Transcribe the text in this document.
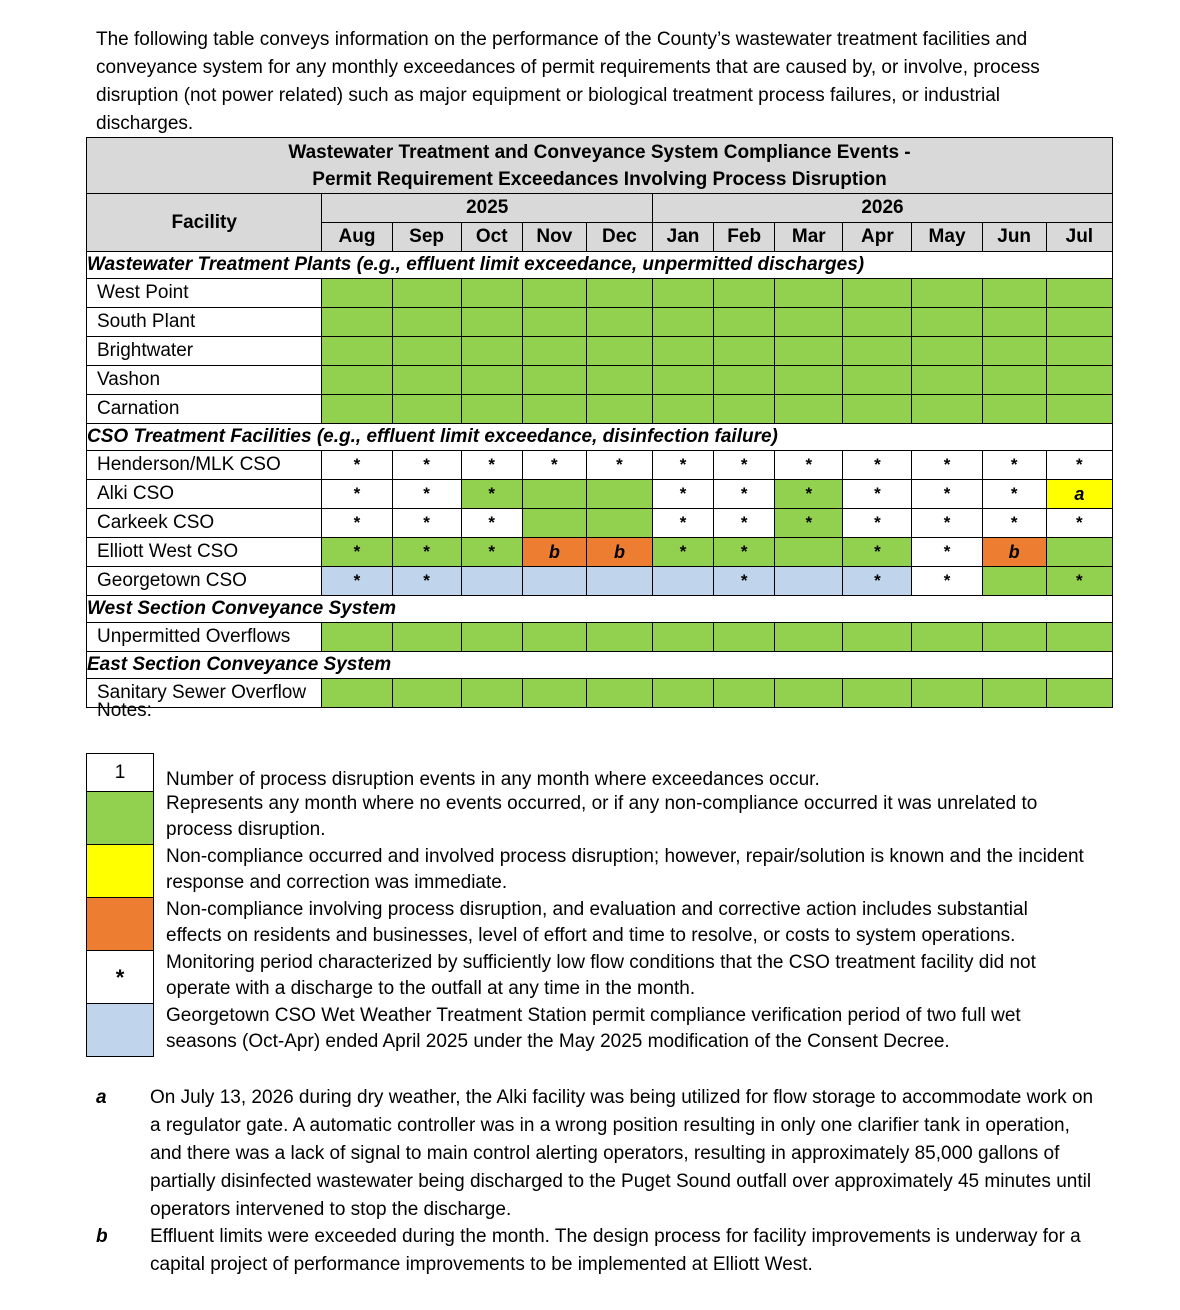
The following table conveys information on the performance of the County’s wastewater treatment facilities and conveyance system for any monthly exceedances of permit requirements that are caused by, or involve, process disruption (not power related) such as major equipment or biological treatment process failures, or industrial discharges.
Wastewater Treatment and Conveyance System Compliance Events -
Permit Requirement Exceedances Involving Process Disruption												
Facility	2025					2026						
	Aug	Sep	Oct	Nov	Dec	Jan	Feb	Mar	Apr	May	Jun	Jul
Wastewater Treatment Plants (e.g., effluent limit exceedance, unpermitted discharges)												
West Point												
South Plant												
Brightwater												
Vashon												
Carnation												
CSO Treatment Facilities (e.g., effluent limit exceedance, disinfection failure)												
Henderson/MLK CSO	*	*	*	*	*	*	*	*	*	*	*	*
Alki CSO	*	*	*			*	*	*	*	*	*	a
Carkeek CSO	*	*	*			*	*	*	*	*	*	*
Elliott West CSO	*	*	*	b	b	*	*		*	*	b	
Georgetown CSO	*	*					*		*	*		*
West Section Conveyance System												
Unpermitted Overflows												
East Section Conveyance System												
Sanitary Sewer Overflow												
Notes:
1	Number of process disruption events in any month where exceedances occur.
Represents any month where no events occurred, or if any non-compliance occurred it was unrelated to process disruption.
Non-compliance occurred and involved process disruption; however, repair/solution is known and the incident response and correction was immediate.
Non-compliance involving process disruption, and evaluation and corrective action includes substantial effects on residents and businesses, level of effort and time to resolve, or costs to system operations.
*
Monitoring period characterized by sufficiently low flow conditions that the CSO treatment facility did not operate with a discharge to the outfall at any time in the month.
Georgetown CSO Wet Weather Treatment Station permit compliance verification period of two full wet seasons (Oct-Apr) ended April 2025 under the May 2025 modification of the Consent Decree.
a On July 13, 2026 during dry weather, the Alki facility was being utilized for flow storage to accommodate work on a regulator gate. A automatic controller was in a wrong position resulting in only one clarifier tank in operation, and there was a lack of signal to main control alerting operators, resulting in approximately 85,000 gallons of partially disinfected wastewater being discharged to the Puget Sound outfall over approximately 45 minutes until operators intervened to stop the discharge.
b Effluent limits were exceeded during the month. The design process for facility improvements is underway for a capital project of performance improvements to be implemented at Elliott West.
